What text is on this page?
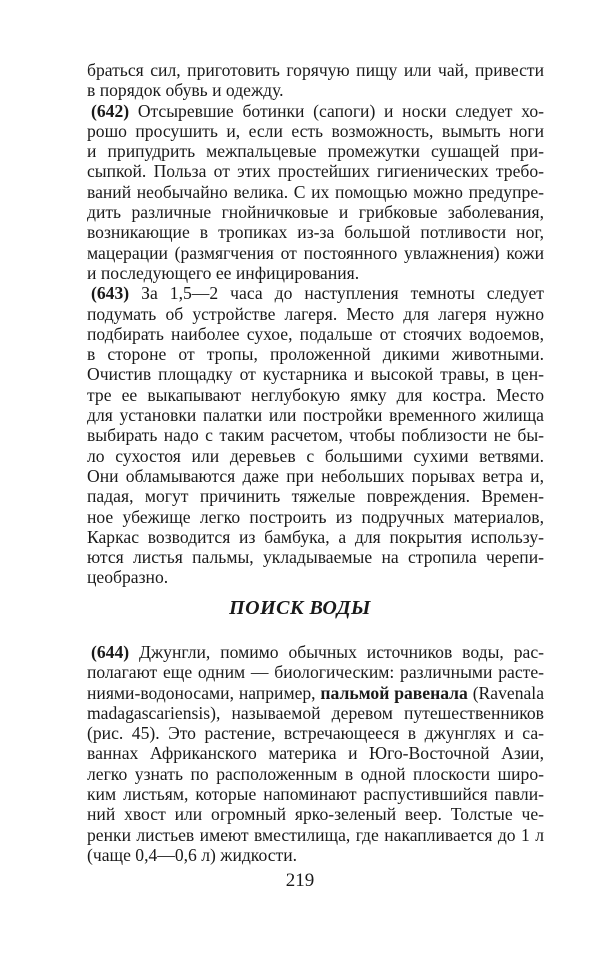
браться сил, приготовить горячую пищу или чай, привести
в порядок обувь и одежду.
(642) Отсыревшие ботинки (сапоги) и носки следует хо-
рошо просушить и, если есть возможность, вымыть ноги
и припудрить межпальцевые промежутки сушащей при-
сыпкой. Польза от этих простейших гигиенических требо-
ваний необычайно велика. С их помощью можно предупре-
дить различные гнойничковые и грибковые заболевания,
возникающие в тропиках из-за большой потливости ног,
мацерации (размягчения от постоянного увлажнения) кожи
и последующего ее инфицирования.
(643) За 1,5—2 часа до наступления темноты следует
подумать об устройстве лагеря. Место для лагеря нужно
подбирать наиболее сухое, подальше от стоячих водоемов,
в стороне от тропы, проложенной дикими животными.
Очистив площадку от кустарника и высокой травы, в цен-
тре ее выкапывают неглубокую ямку для костра. Место
для установки палатки или постройки временного жилища
выбирать надо с таким расчетом, чтобы поблизости не бы-
ло сухостоя или деревьев с большими сухими ветвями.
Они обламываются даже при небольших порывах ветра и,
падая, могут причинить тяжелые повреждения. Времен-
ное убежище легко построить из подручных материалов,
Каркас возводится из бамбука, а для покрытия использу-
ются листья пальмы, укладываемые на стропила черепи-
цеобразно.
ПОИСК ВОДЫ
(644) Джунгли, помимо обычных источников воды, рас-
полагают еще одним — биологическим: различными расте-
ниями-водоносами, например, пальмой равенала (Ravenala
madagascariensis), называемой деревом путешественников
(рис. 45). Это растение, встречающееся в джунглях и са-
ваннах Африканского материка и Юго-Восточной Азии,
легко узнать по расположенным в одной плоскости широ-
ким листьям, которые напоминают распустившийся павли-
ний хвост или огромный ярко-зеленый веер. Толстые че-
ренки листьев имеют вместилища, где накапливается до 1 л
(чаще 0,4—0,6 л) жидкости.
219
